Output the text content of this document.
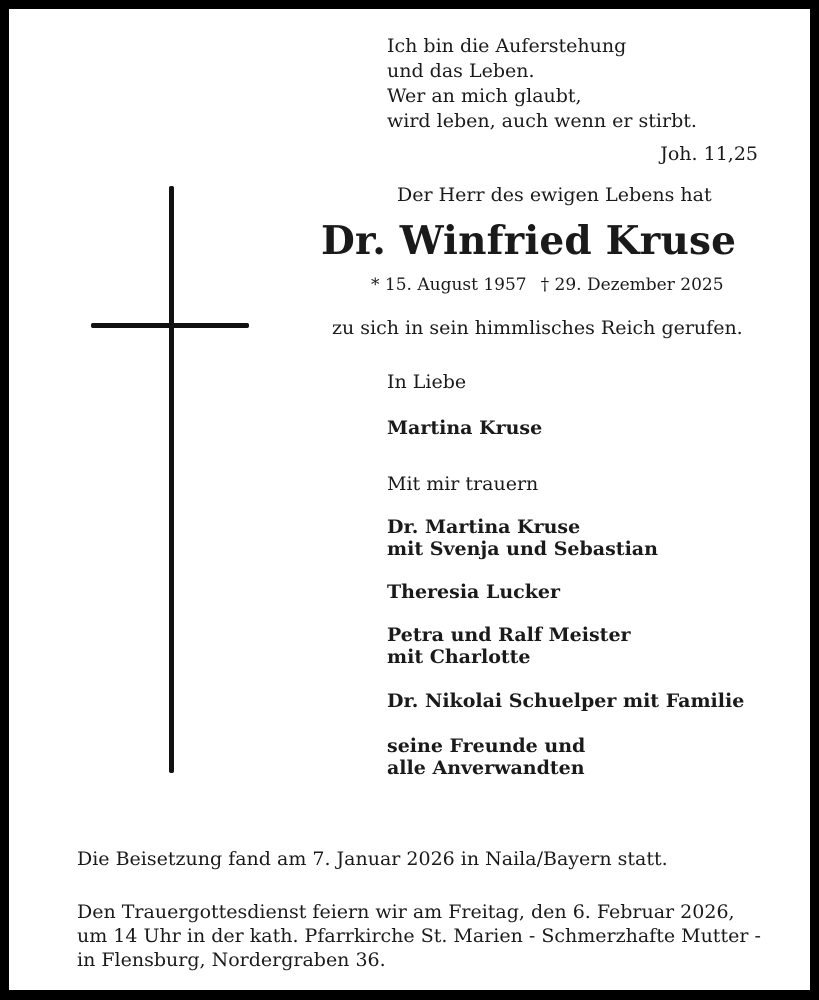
Ich bin die Auferstehung
und das Leben.
Wer an mich glaubt,
wird leben, auch wenn er stirbt.
Joh. 11,25
Der Herr des ewigen Lebens hat
Dr. Winfried Kruse
* 15. August 1957 † 29. Dezember 2025
zu sich in sein himmlisches Reich gerufen.
In Liebe
Martina Kruse
Mit mir trauern
Dr. Martina Kruse
mit Svenja und Sebastian
Theresia Lucker
Petra und Ralf Meister
mit Charlotte
Dr. Nikolai Schuelper mit Familie
seine Freunde und
alle Anverwandten
Die Beisetzung fand am 7. Januar 2026 in Naila/Bayern statt.
Den Trauergottesdienst feiern wir am Freitag, den 6. Februar 2026,
um 14 Uhr in der kath. Pfarrkirche St. Marien - Schmerzhafte Mutter -
in Flensburg, Nordergraben 36.
